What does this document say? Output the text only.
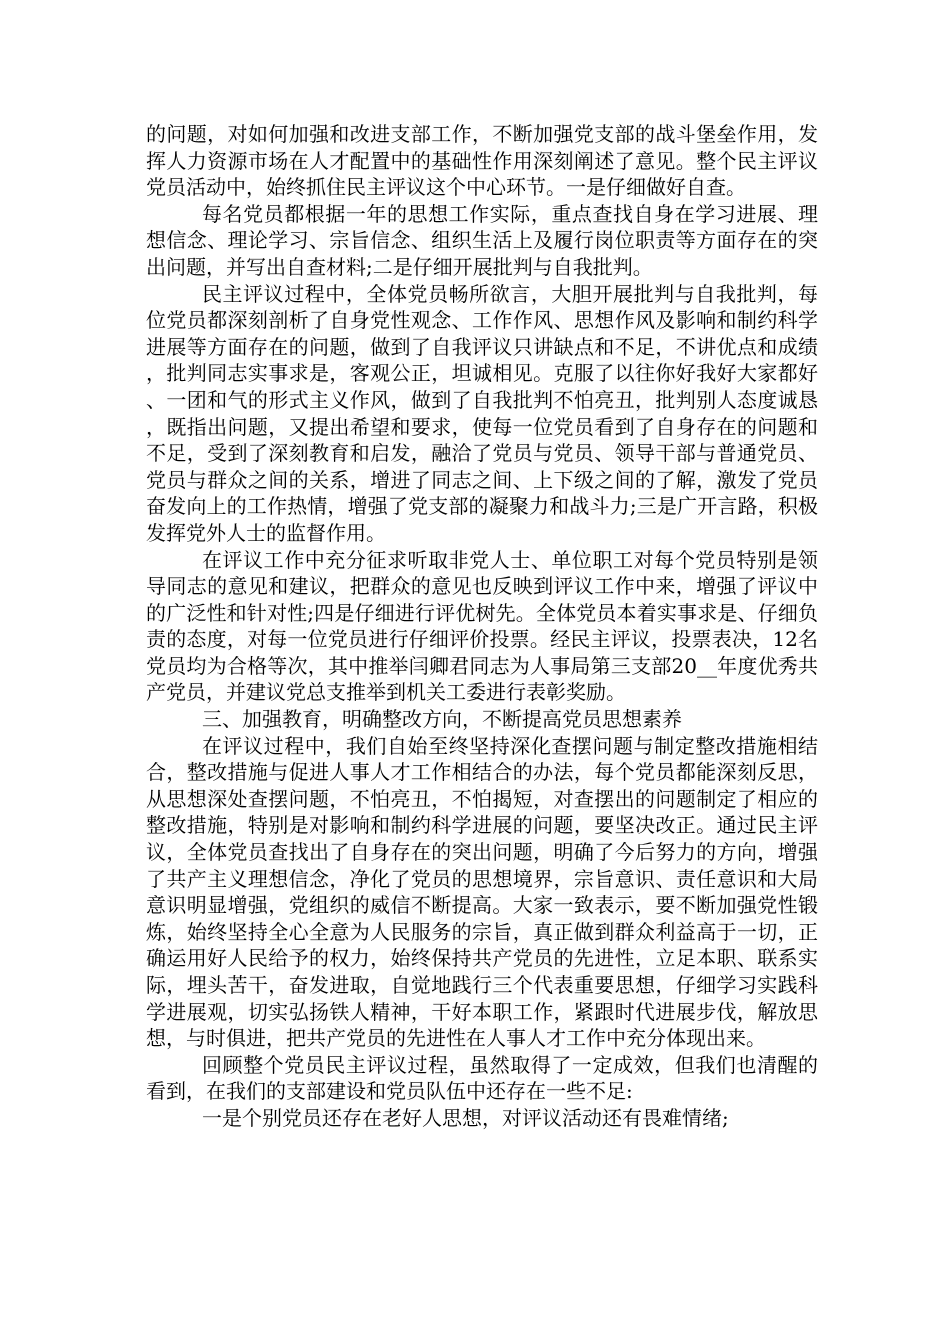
的问题，对如何加强和改进支部工作，不断加强党支部的战斗堡垒作用，发挥人力资源市场在人才配置中的基础性作用深刻阐述了意见。整个民主评议党员活动中，始终抓住民主评议这个中心环节。一是仔细做好自查。

每名党员都根据一年的思想工作实际，重点查找自身在学习进展、理想信念、理论学习、宗旨信念、组织生活上及履行岗位职责等方面存在的突出问题，并写出自查材料;二是仔细开展批判与自我批判。

民主评议过程中，全体党员畅所欲言，大胆开展批判与自我批判，每位党员都深刻剖析了自身党性观念、工作作风、思想作风及影响和制约科学进展等方面存在的问题，做到了自我评议只讲缺点和不足，不讲优点和成绩，批判同志实事求是，客观公正，坦诚相见。克服了以往你好我好大家都好、一团和气的形式主义作风，做到了自我批判不怕亮丑，批判别人态度诚恳，既指出问题，又提出希望和要求，使每一位党员看到了自身存在的问题和不足，受到了深刻教育和启发，融洽了党员与党员、领导干部与普通党员、党员与群众之间的关系，增进了同志之间、上下级之间的了解，激发了党员奋发向上的工作热情，增强了党支部的凝聚力和战斗力;三是广开言路，积极发挥党外人士的监督作用。

在评议工作中充分征求听取非党人士、单位职工对每个党员特别是领导同志的意见和建议，把群众的意见也反映到评议工作中来，增强了评议中的广泛性和针对性;四是仔细进行评优树先。全体党员本着实事求是、仔细负责的态度，对每一位党员进行仔细评价投票。经民主评议，投票表决，12名党员均为合格等次，其中推举闫卿君同志为人事局第三支部20__年度优秀共产党员，并建议党总支推举到机关工委进行表彰奖励。

三、加强教育，明确整改方向，不断提高党员思想素养

在评议过程中，我们自始至终坚持深化查摆问题与制定整改措施相结合，整改措施与促进人事人才工作相结合的办法，每个党员都能深刻反思，从思想深处查摆问题，不怕亮丑，不怕揭短，对查摆出的问题制定了相应的整改措施，特别是对影响和制约科学进展的问题，要坚决改正。通过民主评议，全体党员查找出了自身存在的突出问题，明确了今后努力的方向，增强了共产主义理想信念，净化了党员的思想境界，宗旨意识、责任意识和大局意识明显增强，党组织的威信不断提高。大家一致表示，要不断加强党性锻炼，始终坚持全心全意为人民服务的宗旨，真正做到群众利益高于一切，正确运用好人民给予的权力，始终保持共产党员的先进性，立足本职、联系实际，埋头苦干，奋发进取，自觉地践行三个代表重要思想，仔细学习实践科学进展观，切实弘扬铁人精神，干好本职工作，紧跟时代进展步伐，解放思想，与时俱进，把共产党员的先进性在人事人才工作中充分体现出来。

回顾整个党员民主评议过程，虽然取得了一定成效，但我们也清醒的看到，在我们的支部建设和党员队伍中还存在一些不足:

一是个别党员还存在老好人思想，对评议活动还有畏难情绪;
